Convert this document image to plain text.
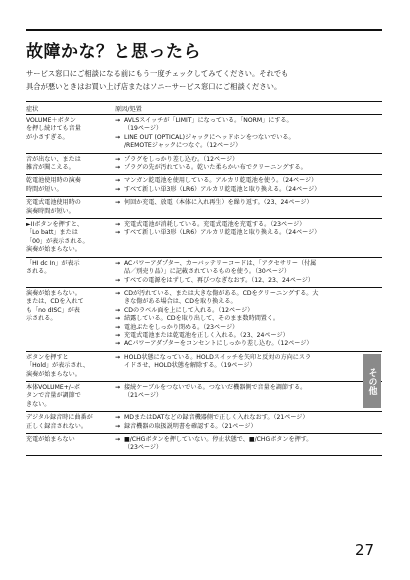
故障かな？と思ったら
サービス窓口にご相談になる前にもう一度チェックしてみてください。それでも
具合が悪いときはお買い上げ店またはソニーサービス窓口にご相談ください。
症状	原因/処置
VOLUME＋ボタン
を押し続けても音量
が小さすぎる。
→ AVLSスイッチが「LIMIT」になっている。「NORM」にする。
（19ページ）
→ LINE OUT (OPTICAL)ジャックにヘッドホンをつないでいる。
/REMOTEジャックにつなぐ。（12ページ）
音が出ない、または
雑音が聞こえる。
→ プラグをしっかり差し込む。（12ページ）
→ プラグの先が汚れている。乾いた柔らかい布でクリーニングする。
乾電池使用時の演奏
時間が短い。
→ マンガン乾電池を使用している。アルカリ乾電池を使う。（24ページ）
→ すべて新しい単3形（LR6）アルカリ乾電池と取り換える。（24ページ）
充電式電池使用時の
演奏時間が短い。
→ 何回か充電、放電（本体に入れ再生）を繰り返す。（23、24ページ）
►IIボタンを押すと、
「Lo batt」または
「00」が表示される。
演奏が始まらない。
→ 充電式電池が消耗している。充電式電池を充電する。（23ページ）
→ すべて新しい単3形（LR6）アルカリ乾電池と取り換える。（24ページ）
「HI dc In」が表示
される。
→ ACパワーアダプター、カーバッテリーコードは、「アクセサリー（付属
品／別売り品）」に記載されているものを使う。（30ページ）
→ すべての電源をはずして、再びつなぎなおす。（12、23、24ページ）
演奏が始まらない。
または、CDを入れて
も「no dISC」が表
示される。
→ CDが汚れている、または大きな傷がある。CDをクリーニングする。大
きな傷がある場合は、CDを取り換える。
→ CDのラベル面を上にして入れる。（12ページ）
→ 結露している。CDを取り出して、そのまま数時間置く。
→ 電池ぶたをしっかり閉める。（23ページ）
→ 充電式電池または乾電池を正しく入れる。（23、24ページ）
→ ACパワーアダプターをコンセントにしっかり差し込む。（12ページ）
ボタンを押すと
「Hold」が表示され、
演奏が始まらない。
→ HOLD状態になっている。HOLDスイッチを矢印と反対の方向にスラ
イドさせ、HOLD状態を解除する。（19ページ）
本体VOLUME+/–ボ
タンで音量が調節で
きない。
→ 接続ケーブルをつないでいる。つないだ機器側で音量を調節する。
（21ページ）
デジタル録音時に曲番が
正しく録音されない。
→ MDまたはDATなどの録音機器側で正しく入れなおす。（21ページ）
→ 録音機器の取扱説明書を確認する。（21ページ）
充電が始まらない	→ ■/CHGボタンを押していない。停止状態で、■/CHGボタンを押す。
（23ページ）
その他
27
